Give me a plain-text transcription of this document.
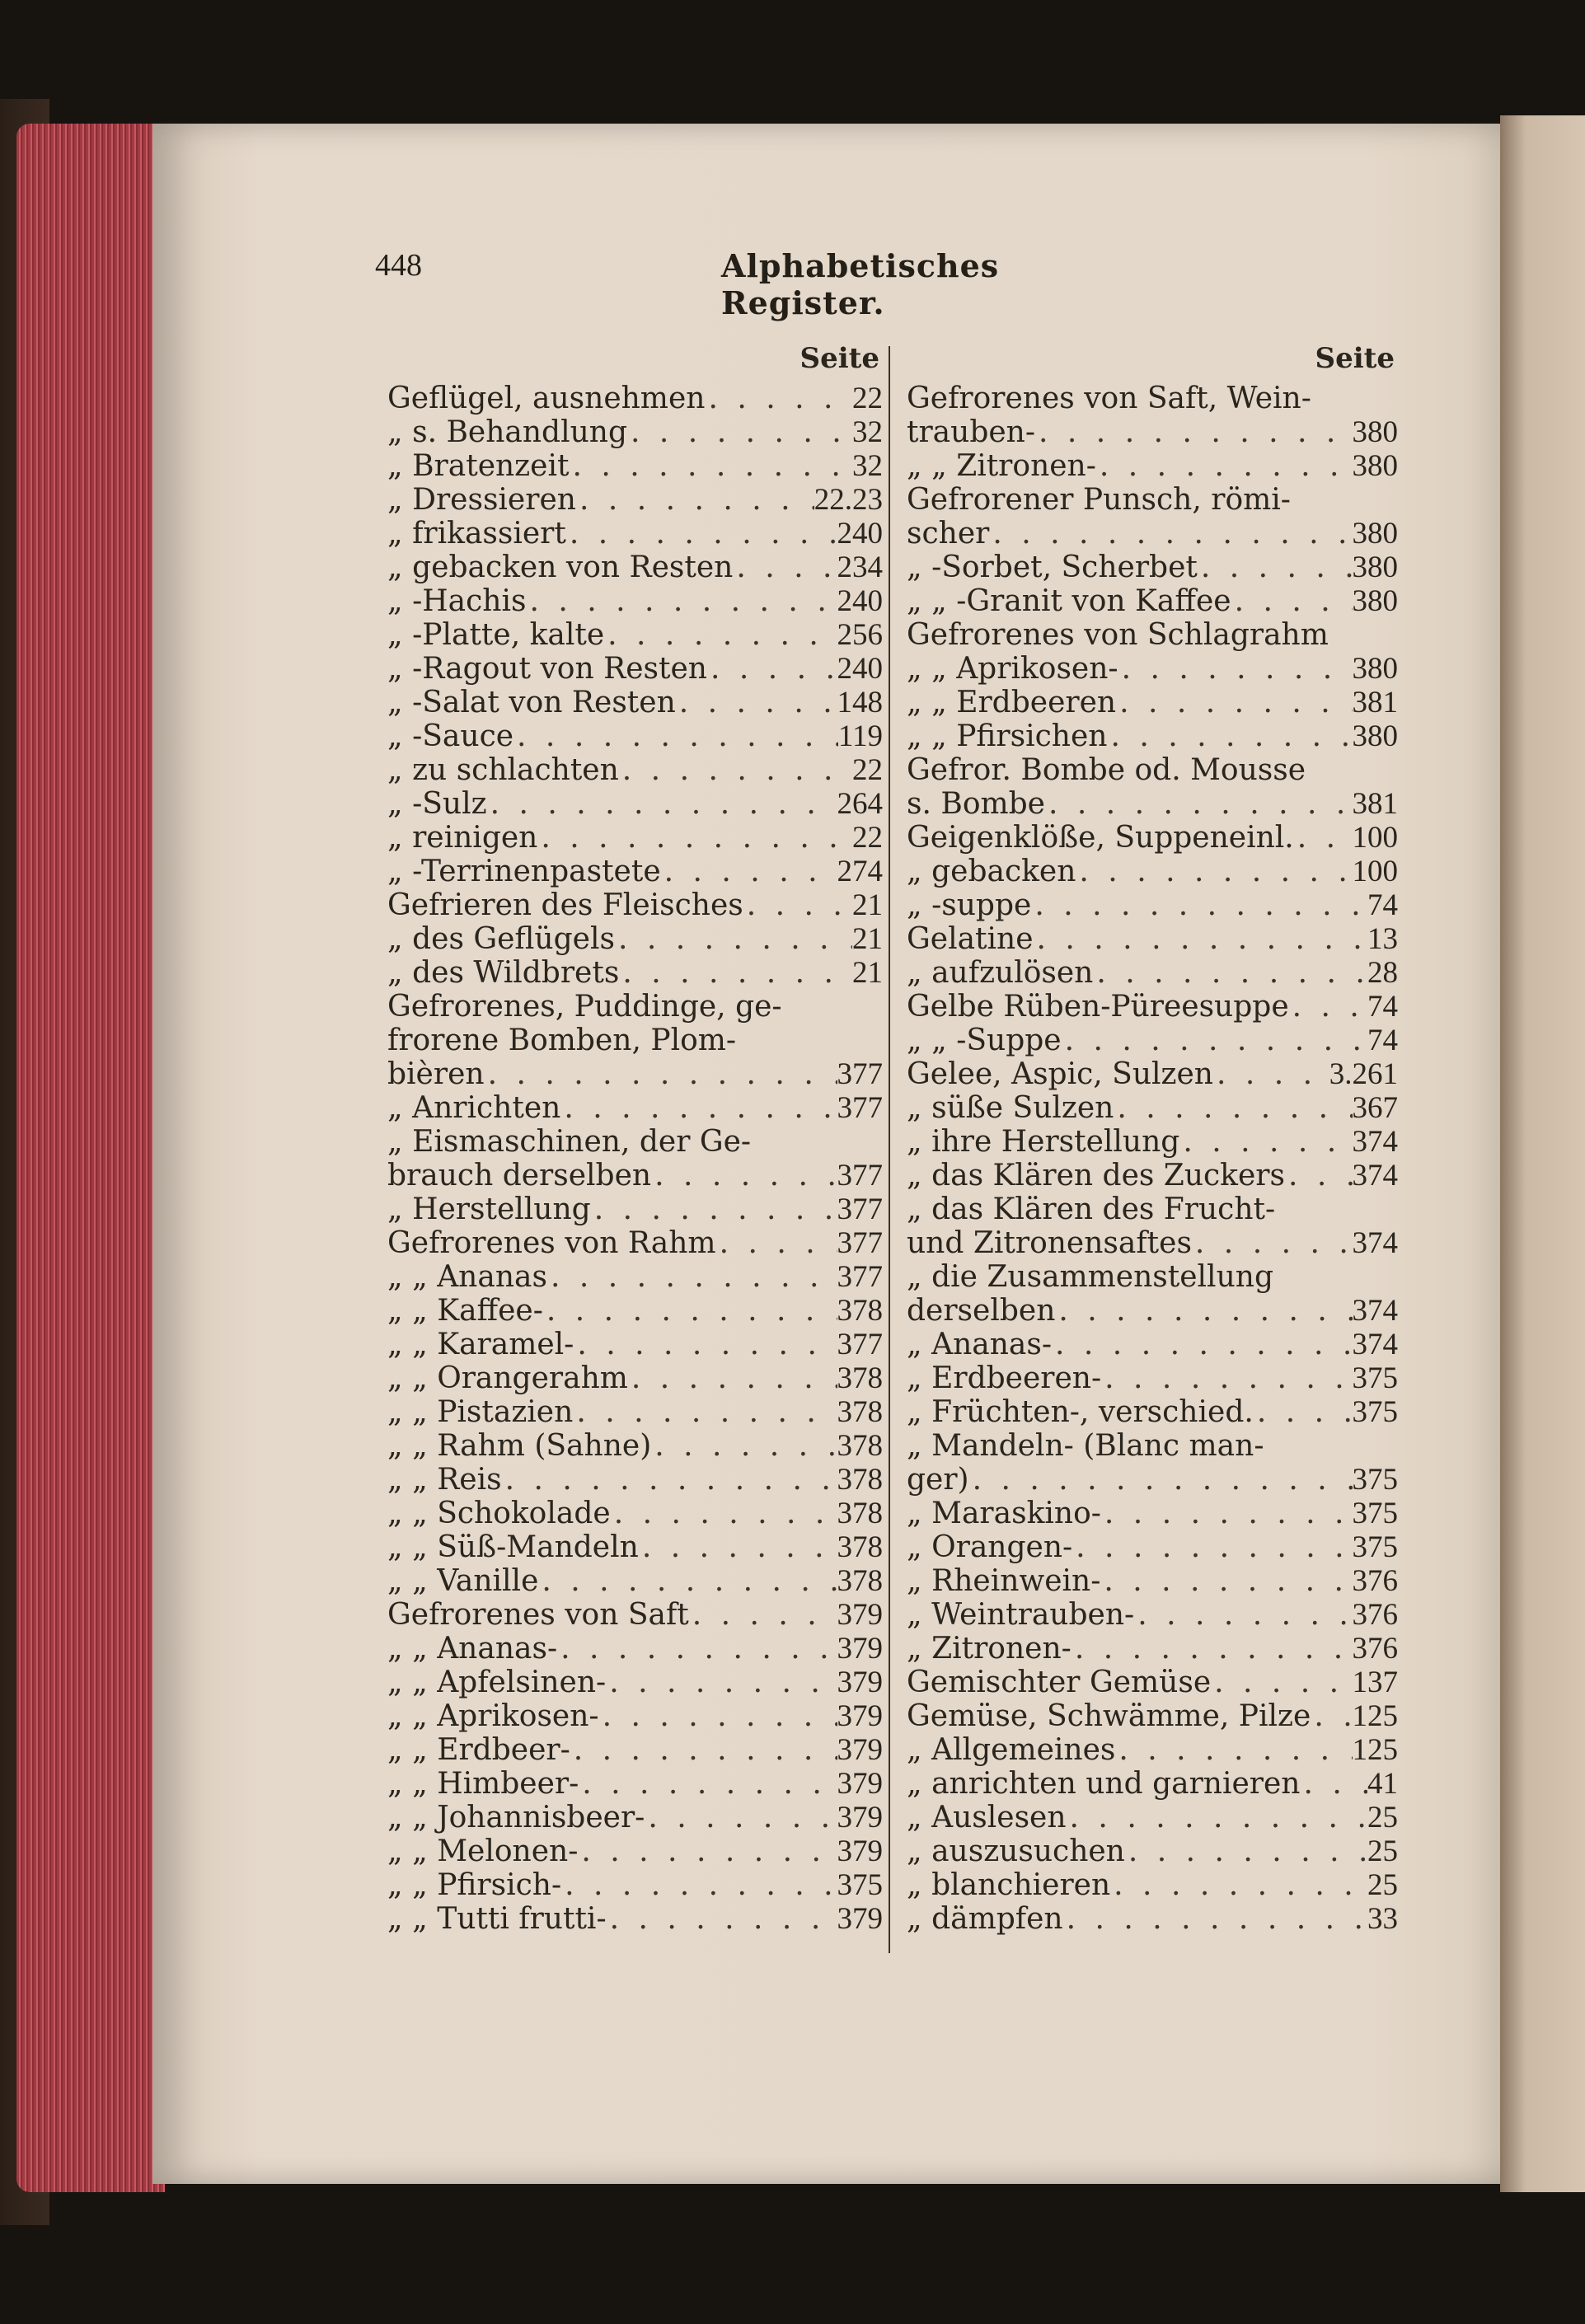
448	Alphabetisches Register.
Seite
Geflügel, ausnehmen . . .	22
„ s. Behandlung . . .	32
„ Bratenzeit . . .	32
„ Dressieren . . .	22.23
„ frikassiert . . .	240
„ gebacken von Resten . . .	234
„ -Hachis . . .	240
„ -Platte, kalte . . .	256
„ -Ragout von Resten . . .	240
„ -Salat von Resten . . .	148
„ -Sauce . . .	119
„ zu schlachten . . .	22
„ -Sulz . . .	264
„ reinigen . . .	22
„ -Terrinenpastete . . .	274
Gefrieren des Fleisches . . .	21
„ des Geflügels . . .	21
„ des Wildbrets . . .	21
Gefrorenes, Puddinge, ge-
frorene Bomben, Plom-
bièren . . .	377
„ Anrichten . . .	377
„ Eismaschinen, der Ge-
brauch derselben . . .	377
„ Herstellung . . .	377
Gefrorenes von Rahm . . .	377
„ „ Ananas . . .	377
„ „ Kaffee- . . .	378
„ „ Karamel- . . .	377
„ „ Orangerahm . . .	378
„ „ Pistazien . . .	378
„ „ Rahm (Sahne) . . .	378
„ „ Reis . . .	378
„ „ Schokolade . . .	378
„ „ Süß-Mandeln . . .	378
„ „ Vanille . . .	378
Gefrorenes von Saft . . .	379
„ „ Ananas- . . .	379
„ „ Apfelsinen- . . .	379
„ „ Aprikosen- . . .	379
„ „ Erdbeer- . . .	379
„ „ Himbeer- . . .	379
„ „ Johannisbeer- . . .	379
„ „ Melonen- . . .	379
„ „ Pfirsich- . . .	375
„ „ Tutti frutti- . . .	379
Seite
Gefrorenes von Saft, Wein-
trauben- . . .	380
„ „ Zitronen- . . .	380
Gefrorener Punsch, römi-
scher . . .	380
„ -Sorbet, Scherbet . . .	380
„ „ -Granit von Kaffee . . .	380
Gefrorenes von Schlagrahm
„ „ Aprikosen- . . .	380
„ „ Erdbeeren . . .	381
„ „ Pfirsichen . . .	380
Gefror. Bombe od. Mousse
s. Bombe . . .	381
Geigenklöße, Suppeneinl. . . . 100
„ gebacken . . .	100
„ -suppe . . .	74
Gelatine . . .	13
„ aufzulösen . . .	28
Gelbe Rüben-Püreesuppe . . .	74
„ „ -Suppe . . .	74
Gelee, Aspic, Sulzen . . .	3.261
„ süße Sulzen . . .	367
„ ihre Herstellung . . .	374
„ das Klären des Zuckers . . . 374
„ das Klären des Frucht-
und Zitronensaftes . . .	374
„ die Zusammenstellung
derselben . . .	374
„ Ananas- . . .	374
„ Erdbeeren- . . .	375
„ Früchten-, verschied. . . .	375
„ Mandeln- (Blanc man-
ger) . . .	375
„ Maraskino- . . .	375
„ Orangen- . . .	375
„ Rheinwein- . . .	376
„ Weintrauben- . . .	376
„ Zitronen- . . .	376
Gemischter Gemüse . . .	137
Gemüse, Schwämme, Pilze . . . 125
„ Allgemeines . . .	125
„ anrichten und garnieren . . . 41
„ Auslesen . . .	25
„ auszusuchen . . .	25
„ blanchieren . . .	25
„ dämpfen . . .	33
